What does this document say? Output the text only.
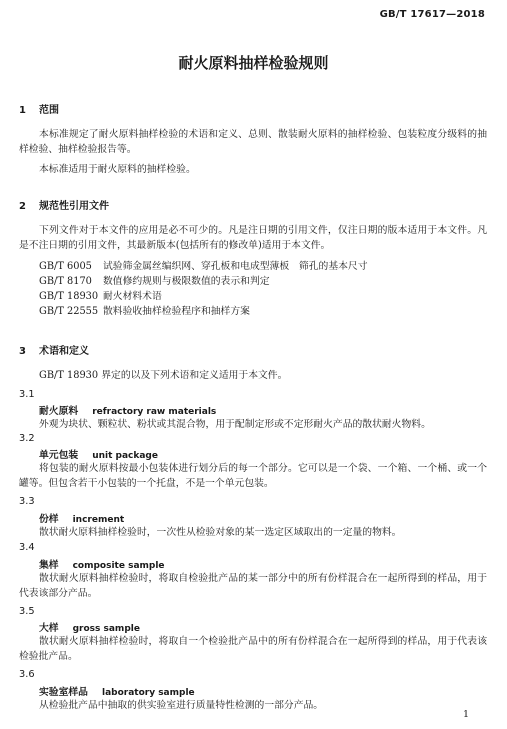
GB/T 17617—2018
耐火原料抽样检验规则
1 范围
本标准规定了耐火原料抽样检验的术语和定义、总则、散装耐火原料的抽样检验、包装粒度分级料的抽样检验、抽样检验报告等。
本标准适用于耐火原料的抽样检验。
2 规范性引用文件
下列文件对于本文件的应用是必不可少的。凡是注日期的引用文件，仅注日期的版本适用于本文件。凡是不注日期的引用文件，其最新版本(包括所有的修改单)适用于本文件。
GB/T 6005 试验筛金属丝编织网、穿孔板和电成型薄板　筛孔的基本尺寸
GB/T 8170 数值修约规则与极限数值的表示和判定
GB/T 18930 耐火材料术语
GB/T 22555 散料验收抽样检验程序和抽样方案
3 术语和定义
GB/T 18930 界定的以及下列术语和定义适用于本文件。
3.1
耐火原料 refractory raw materials
外观为块状、颗粒状、粉状或其混合物，用于配制定形或不定形耐火产品的散状耐火物料。
3.2
单元包装 unit package
将包装的耐火原料按最小包装体进行划分后的每一个部分。它可以是一个袋、一个箱、一个桶、或一个罐等。但包含若干小包装的一个托盘，不是一个单元包装。
3.3
份样 increment
散状耐火原料抽样检验时，一次性从检验对象的某一选定区域取出的一定量的物料。
3.4
集样 composite sample
散状耐火原料抽样检验时，将取自检验批产品的某一部分中的所有份样混合在一起所得到的样品，用于代表该部分产品。
3.5
大样 gross sample
散状耐火原料抽样检验时，将取自一个检验批产品中的所有份样混合在一起所得到的样品，用于代表该检验批产品。
3.6
实验室样品 laboratory sample
从检验批产品中抽取的供实验室进行质量特性检测的一部分产品。
1
